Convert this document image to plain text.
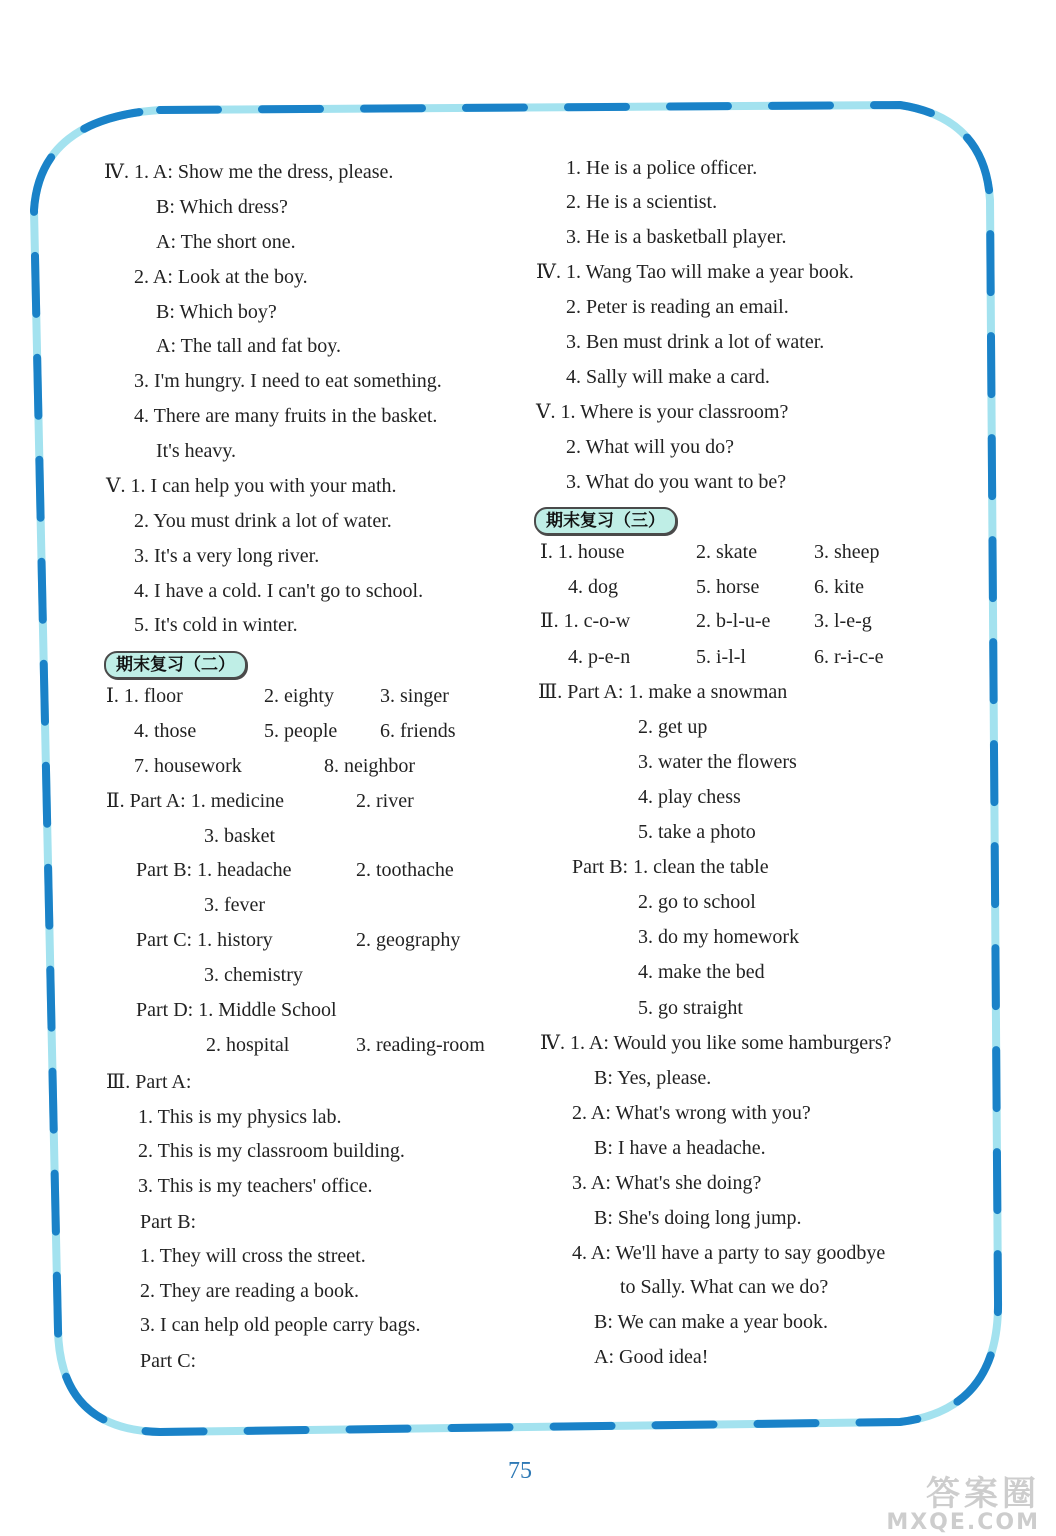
Ⅳ. 1. A: Show me the dress, please.
B: Which dress?
A: The short one.
2. A: Look at the boy.
B: Which boy?
A: The tall and fat boy.
3. I'm hungry. I need to eat something.
4. There are many fruits in the basket.
It's heavy.
Ⅴ. 1. I can help you with your math.
2. You must drink a lot of water.
3. It's a very long river.
4. I have a cold. I can't go to school.
5. It's cold in winter.
期末复习（二）
Ⅰ. 1. floor	2. eighty 3. singer
4. those	5. people 6. friends
7. housework	8. neighbor
Ⅱ. Part A: 1. medicine	2. river
3. basket
Part B: 1. headache	2. toothache
3. fever
Part C: 1. history	2. geography
3. chemistry
Part D: 1. Middle School
2. hospital	3. reading-room
Ⅲ. Part A:
1. This is my physics lab.
2. This is my classroom building.
3. This is my teachers' office.
Part B:
1. They will cross the street.
2. They are reading a book.
3. I can help old people carry bags.
Part C:
1. He is a police officer.
2. He is a scientist.
3. He is a basketball player.
Ⅳ. 1. Wang Tao will make a year book.
2. Peter is reading an email.
3. Ben must drink a lot of water.
4. Sally will make a card.
Ⅴ. 1. Where is your classroom?
2. What will you do?
3. What do you want to be?
期末复习（三）
Ⅰ. 1. house	2. skate	3. sheep
4. dog	5. horse	6. kite
Ⅱ. 1. c-o-w	2. b-l-u-e 3. l-e-g
4. p-e-n	5. i-l-l	6. r-i-c-e
Ⅲ. Part A: 1. make a snowman
2. get up
3. water the flowers
4. play chess
5. take a photo
Part B: 1. clean the table
2. go to school
3. do my homework
4. make the bed
5. go straight
Ⅳ. 1. A: Would you like some hamburgers?
B: Yes, please.
2. A: What's wrong with you?
B: I have a headache.
3. A: What's she doing?
B: She's doing long jump.
4. A: We'll have a party to say goodbye
to Sally. What can we do?
B: We can make a year book.
A: Good idea!
75
答案圈
MXQE.COM
